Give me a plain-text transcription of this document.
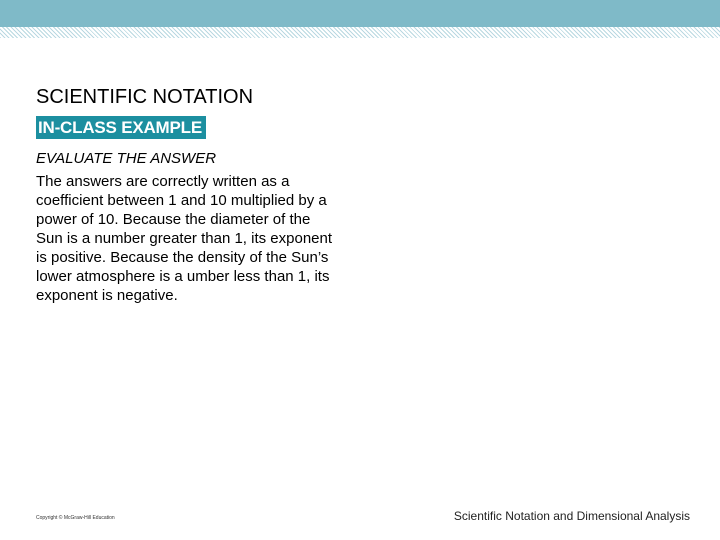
SCIENTIFIC NOTATION
IN-CLASS EXAMPLE
EVALUATE THE ANSWER

The answers are correctly written as a coefficient between 1 and 10 multiplied by a power of 10. Because the diameter of the Sun is a number greater than 1, its exponent is positive. Because the density of the Sun’s lower atmosphere is a umber less than 1, its exponent is negative.

Copyright © McGraw-Hill Education	Scientific Notation and Dimensional Analysis
